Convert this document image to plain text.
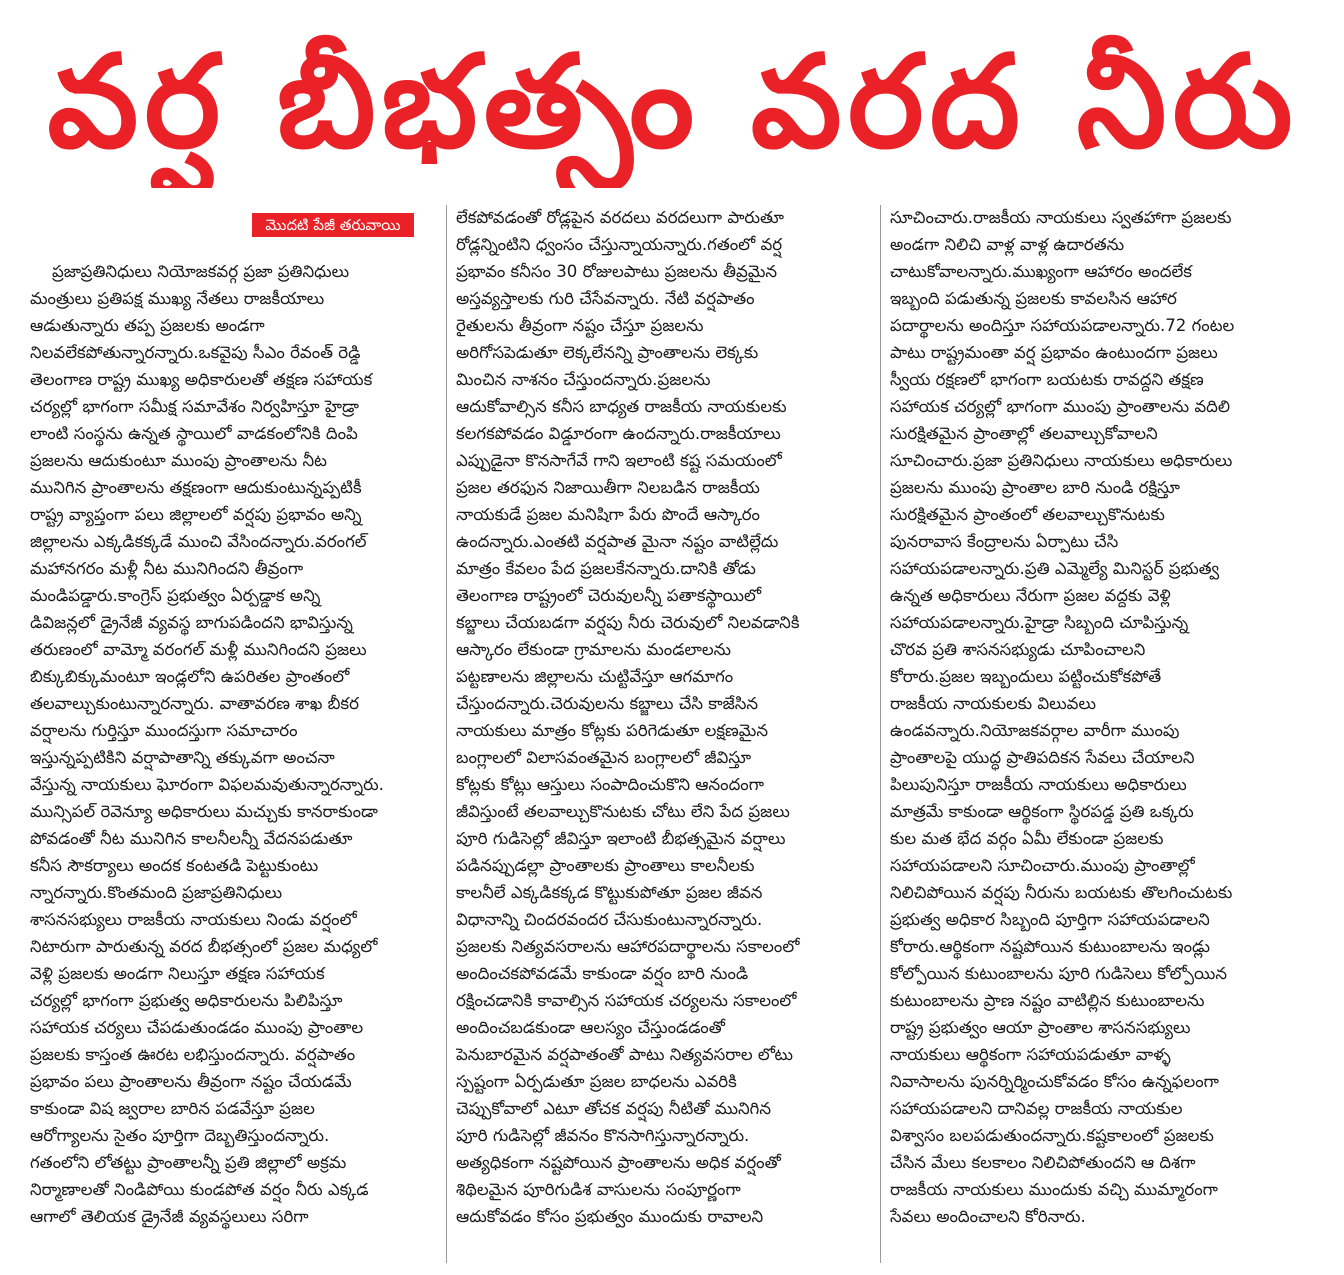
వర్ష బీభత్సం వరద నీరు
మొదటి పేజీ తరువాయి
ప్రజాప్రతినిధులు నియోజకవర్గ ప్రజా ప్రతినిధులు
మంత్రులు ప్రతిపక్ష ముఖ్య నేతలు రాజకీయాలు
ఆడుతున్నారు తప్ప ప్రజలకు అండగా
నిలవలేకపోతున్నారన్నారు.ఒకవైపు సీఎం రేవంత్ రెడ్డి
తెలంగాణ రాష్ట్ర ముఖ్య అధికారులతో తక్షణ సహాయక
చర్యల్లో భాగంగా సమీక్ష సమావేశం నిర్వహిస్తూ హైడ్రా
లాంటి సంస్థను ఉన్నత స్థాయిలో వాడకంలోనికి దింపి
ప్రజలను ఆదుకుంటూ ముంపు ప్రాంతాలను నీట
మునిగిన ప్రాంతాలను తక్షణంగా ఆదుకుంటున్నప్పటికీ
రాష్ట్ర వ్యాప్తంగా పలు జిల్లాలలో వర్షపు ప్రభావం అన్ని
జిల్లాలను ఎక్కడికక్కడే ముంచి వేసిందన్నారు.వరంగల్
మహానగరం మళ్లీ నీట మునిగిందని తీవ్రంగా
మండిపడ్డారు.కాంగ్రెస్ ప్రభుత్వం ఏర్పడ్డాక అన్ని
డివిజన్లలో డ్రైనేజీ వ్యవస్థ బాగుపడిందని భావిస్తున్న
తరుణంలో వామ్మో వరంగల్ మళ్లీ మునిగిందని ప్రజలు
బిక్కుబిక్కుమంటూ ఇండ్లలోని ఉపరితల ప్రాంతంలో
తలవాల్చుకుంటున్నారన్నారు. వాతావరణ శాఖ బీకర
వర్షాలను గుర్తిస్తూ ముందస్తుగా సమాచారం
ఇస్తున్నప్పటికిని వర్షాపాతాన్ని తక్కువగా అంచనా
వేస్తున్న నాయకులు ఘోరంగా విఫలమవుతున్నారన్నారు.
మున్సిపల్ రెవెన్యూ అధికారులు మచ్చుకు కానరాకుండా
పోవడంతో నీట మునిగిన కాలనీలన్నీ వేదనపడుతూ
కనీస సౌకర్యాలు అందక కంటతడి పెట్టుకుంటు
న్నారన్నారు.కొంతమంది ప్రజాప్రతినిధులు
శాసనసభ్యులు రాజకీయ నాయకులు నిండు వర్షంలో
నిటారుగా పారుతున్న వరద బీభత్సంలో ప్రజల మధ్యలో
వెళ్లి ప్రజలకు అండగా నిలుస్తూ తక్షణ సహాయక
చర్యల్లో భాగంగా ప్రభుత్వ అధికారులను పిలిపిస్తూ
సహాయక చర్యలు చేపడుతుండడం ముంపు ప్రాంతాల
ప్రజలకు కాస్తంత ఊరట లభిస్తుందన్నారు. వర్షపాతం
ప్రభావం పలు ప్రాంతాలను తీవ్రంగా నష్టం చేయడమే
కాకుండా విష జ్వరాల బారిన పడవేస్తూ ప్రజల
ఆరోగ్యాలను సైతం పూర్తిగా దెబ్బతిస్తుందన్నారు.
గతంలోని లోతట్టు ప్రాంతాలన్నీ ప్రతి జిల్లాలో అక్రమ
నిర్మాణాలతో నిండిపోయి కుండపోత వర్షం నీరు ఎక్కడ
ఆగాలో తెలియక డ్రైనేజీ వ్యవస్థలులు సరిగా
లేకపోవడంతో రోడ్లపైన వరదలు వరదలుగా పారుతూ
రోడ్లన్నింటిని ధ్వంసం చేస్తున్నాయన్నారు.గతంలో వర్ష
ప్రభావం కనీసం 30 రోజులపాటు ప్రజలను తీవ్రమైన
అస్తవ్యస్తాలకు గురి చేసేవన్నారు. నేటి వర్షపాతం
రైతులను తీవ్రంగా నష్టం చేస్తూ ప్రజలను
అరిగోసపెడుతూ లెక్కలేనన్ని ప్రాంతాలను లెక్కకు
మించిన నాశనం చేస్తుందన్నారు.ప్రజలను
ఆదుకోవాల్సిన కనీస బాధ్యత రాజకీయ నాయకులకు
కలగకపోవడం విడ్డూరంగా ఉందన్నారు.రాజకీయాలు
ఎప్పుడైనా కొనసాగేవే గాని ఇలాంటి కష్ట సమయంలో
ప్రజల తరఫున నిజాయితీగా నిలబడిన రాజకీయ
నాయకుడే ప్రజల మనిషిగా పేరు పొందే ఆస్కారం
ఉందన్నారు.ఎంతటి వర్షపాత మైనా నష్టం వాటిల్లేదు
మాత్రం కేవలం పేద ప్రజలకేనన్నారు.దానికి తోడు
తెలంగాణ రాష్ట్రంలో చెరువులన్నీ పతాకస్థాయిలో
కబ్జాలు చేయబడగా వర్షపు నీరు చెరువులో నిలవడానికి
ఆస్కారం లేకుండా గ్రామాలను మండలాలను
పట్టణాలను జిల్లాలను చుట్టివేస్తూ ఆగమాగం
చేస్తుందన్నారు.చెరువులను కబ్జాలు చేసి కాజేసిన
నాయకులు మాత్రం కోట్లకు పరిగెడుతూ లక్షణమైన
బంగ్లాలలో విలాసవంతమైన బంగ్లాలలో జీవిస్తూ
కోట్లకు కోట్లు ఆస్తులు సంపాదించుకొని ఆనందంగా
జీవిస్తుంటే తలవాల్చుకొనుటకు చోటు లేని పేద ప్రజలు
పూరి గుడిసెల్లో జీవిస్తూ ఇలాంటి బీభత్సమైన వర్షాలు
పడినప్పుడల్లా ప్రాంతాలకు ప్రాంతాలు కాలనీలకు
కాలనీలే ఎక్కడికక్కడ కొట్టుకుపోతూ ప్రజల జీవన
విధానాన్ని చిందరవందర చేసుకుంటున్నారన్నారు.
ప్రజలకు నిత్యవసరాలను ఆహారపదార్థాలను సకాలంలో
అందించకపోవడమే కాకుండా వర్షం బారి నుండి
రక్షించడానికి కావాల్సిన సహాయక చర్యలను సకాలంలో
అందించబడకుండా ఆలస్యం చేస్తుండడంతో
పెనుబారమైన వర్షపాతంతో పాటు నిత్యవసరాల లోటు
స్పష్టంగా ఏర్పడుతూ ప్రజల బాధలను ఎవరికి
చెప్పుకోవాలో ఎటూ తోచక వర్షపు నీటితో మునిగిన
పూరి గుడిసెల్లో జీవనం కొనసాగిస్తున్నారన్నారు.
అత్యధికంగా నష్టపోయిన ప్రాంతాలను అధిక వర్షంతో
శిథిలమైన పూరిగుడిశ వాసులను సంపూర్ణంగా
ఆదుకోవడం కోసం ప్రభుత్వం ముందుకు రావాలని
సూచించారు.రాజకీయ నాయకులు స్వతహాగా ప్రజలకు
అండగా నిలిచి వాళ్ల వాళ్ల ఉదారతను
చాటుకోవాలన్నారు.ముఖ్యంగా ఆహారం అందలేక
ఇబ్బంది పడుతున్న ప్రజలకు కావలసిన ఆహార
పదార్థాలను అందిస్తూ సహాయపడాలన్నారు.72 గంటల
పాటు రాష్ట్రమంతా వర్ష ప్రభావం ఉంటుందగా ప్రజలు
స్వీయ రక్షణలో భాగంగా బయటకు రావద్దని తక్షణ
సహాయక చర్యల్లో భాగంగా ముంపు ప్రాంతాలను వదిలి
సురక్షితమైన ప్రాంతాల్లో తలవాల్చుకోవాలని
సూచించారు.ప్రజా ప్రతినిధులు నాయకులు అధికారులు
ప్రజలను ముంపు ప్రాంతాల బారి నుండి రక్షిస్తూ
సురక్షితమైన ప్రాంతంలో తలవాల్చుకొనుటకు
పునరావాస కేంద్రాలను ఏర్పాటు చేసి
సహాయపడాలన్నారు.ప్రతి ఎమ్మెల్యే మినిస్టర్ ప్రభుత్వ
ఉన్నత అధికారులు నేరుగా ప్రజల వద్దకు వెళ్లి
సహాయపడాలన్నారు.హైడ్రా సిబ్బంది చూపిస్తున్న
చొరవ ప్రతి శాసనసభ్యుడు చూపించాలని
కోరారు.ప్రజల ఇబ్బందులు పట్టించుకోకపోతే
రాజకీయ నాయకులకు విలువలు
ఉండవన్నారు.నియోజకవర్గాల వారీగా ముంపు
ప్రాంతాలపై యుద్ధ ప్రాతిపదికన సేవలు చేయాలని
పిలుపునిస్తూ రాజకీయ నాయకులు అధికారులు
మాత్రమే కాకుండా ఆర్థికంగా స్థిరపడ్డ ప్రతి ఒక్కరు
కుల మత భేద వర్గం ఏమీ లేకుండా ప్రజలకు
సహాయపడాలని సూచించారు.ముంపు ప్రాంతాల్లో
నిలిచిపోయిన వర్షపు నీరును బయటకు తొలగించుటకు
ప్రభుత్వ అధికార సిబ్బంది పూర్తిగా సహాయపడాలని
కోరారు.ఆర్థికంగా నష్టపోయిన కుటుంబాలను ఇండ్లు
కోల్పోయిన కుటుంబాలను పూరి గుడిసెలు కోల్పోయిన
కుటుంబాలను ప్రాణ నష్టం వాటిల్లిన కుటుంబాలను
రాష్ట్ర ప్రభుత్వం ఆయా ప్రాంతాల శాసనసభ్యులు
నాయకులు ఆర్థికంగా సహాయపడుతూ వాళ్ళ
నివాసాలను పునర్నిర్మించుకోవడం కోసం ఉన్నఫలంగా
సహాయపడాలని దానివల్ల రాజకీయ నాయకుల
విశ్వాసం బలపడుతుందన్నారు.కష్టకాలంలో ప్రజలకు
చేసిన మేలు కలకాలం నిలిచిపోతుందని ఆ దిశగా
రాజకీయ నాయకులు ముందుకు వచ్చి ముమ్మారంగా
సేవలు అందించాలని కోరినారు.
